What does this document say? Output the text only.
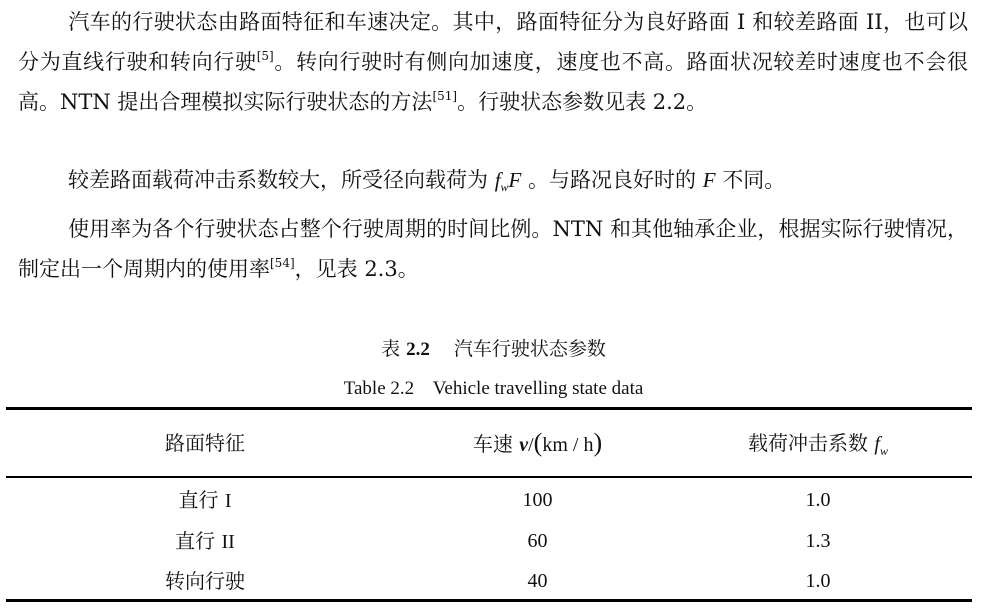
汽车的行驶状态由路面特征和车速决定。其中，路面特征分为良好路面 I 和较差路面 II，也可以分为直线行驶和转向行驶[5]。转向行驶时有侧向加速度，速度也不高。路面状况较差时速度也不会很高。NTN 提出合理模拟实际行驶状态的方法[51]。行驶状态参数见表 2.2。

较差路面载荷冲击系数较大，所受径向载荷为 $f_wF$ 。与路况良好时的 F 不同。

使用率为各个行驶状态占整个行驶周期的时间比例。NTN 和其他轴承企业，根据实际行驶情况，制定出一个周期内的使用率[54]，见表 2.3。

表 2.2 汽车行驶状态参数
Table 2.2    Vehicle travelling state data
路面特征	车速 v/(km / h)	载荷冲击系数 $f_w$
直行 I	100	1.0
直行 II	60	1.3
转向行驶	40	1.0
